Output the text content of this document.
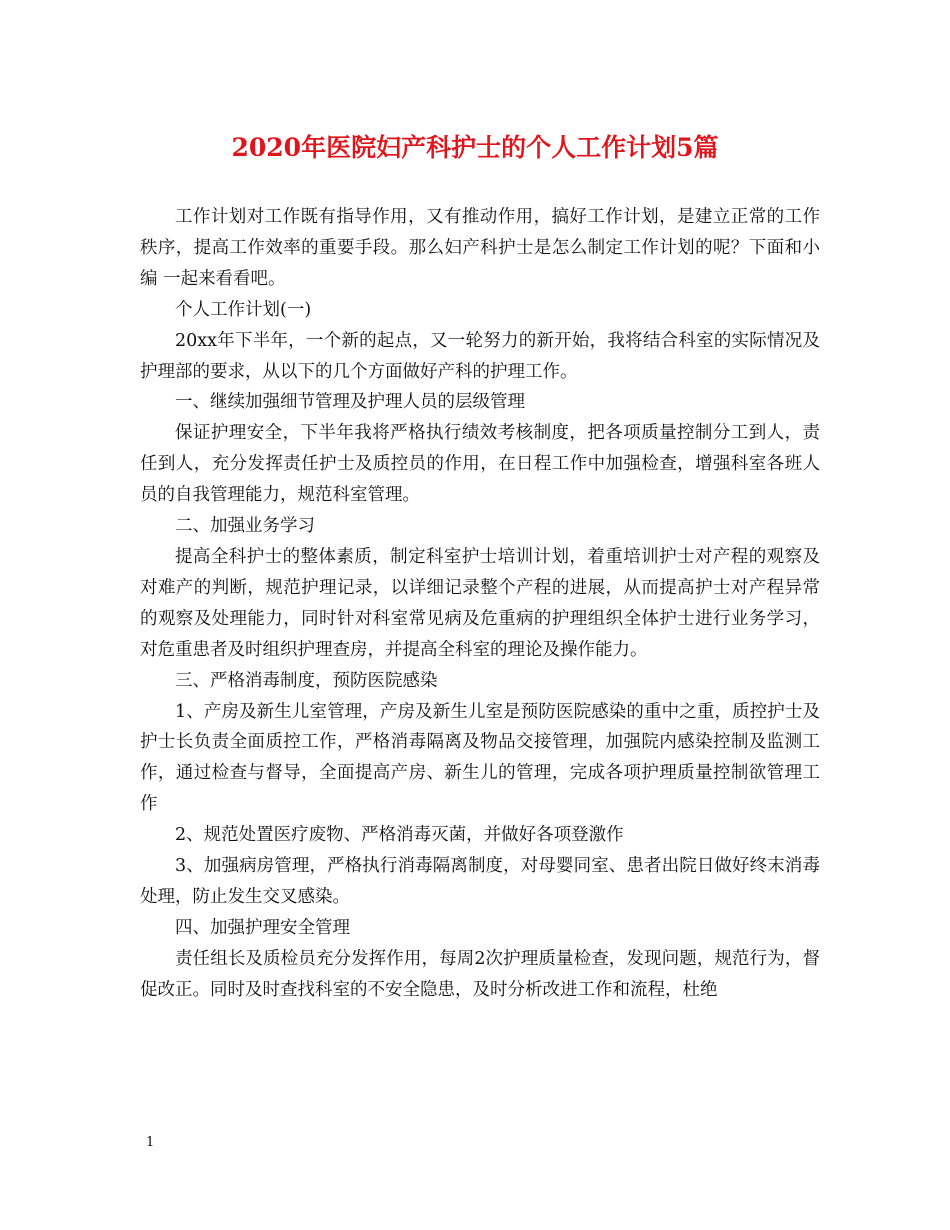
2020年医院妇产科护士的个人工作计划5篇

工作计划对工作既有指导作用，又有推动作用，搞好工作计划，是建立正常的工作秩序，提高工作效率的重要手段。那么妇产科护士是怎么制定工作计划的呢？下面和小编 一起来看看吧。

个人工作计划(一)

20xx年下半年，一个新的起点，又一轮努力的新开始，我将结合科室的实际情况及护理部的要求，从以下的几个方面做好产科的护理工作。

一、继续加强细节管理及护理人员的层级管理

保证护理安全，下半年我将严格执行绩效考核制度，把各项质量控制分工到人，责任到人，充分发挥责任护士及质控员的作用，在日程工作中加强检查，增强科室各班人员的自我管理能力，规范科室管理。

二、加强业务学习

提高全科护士的整体素质，制定科室护士培训计划，着重培训护士对产程的观察及对难产的判断，规范护理记录，以详细记录整个产程的进展，从而提高护士对产程异常的观察及处理能力，同时针对科室常见病及危重病的护理组织全体护士进行业务学习，对危重患者及时组织护理查房，并提高全科室的理论及操作能力。

三、严格消毒制度，预防医院感染

1、产房及新生儿室管理，产房及新生儿室是预防医院感染的重中之重，质控护士及护士长负责全面质控工作，严格消毒隔离及物品交接管理，加强院内感染控制及监测工作，通过检查与督导，全面提高产房、新生儿的管理，完成各项护理质量控制欲管理工作

2、规范处置医疗废物、严格消毒灭菌，并做好各项登激作

3、加强病房管理，严格执行消毒隔离制度，对母婴同室、患者出院日做好终末消毒处理，防止发生交叉感染。

四、加强护理安全管理

责任组长及质检员充分发挥作用，每周2次护理质量检查，发现问题，规范行为，督促改正。同时及时查找科室的不安全隐患，及时分析改进工作和流程，杜绝

1
